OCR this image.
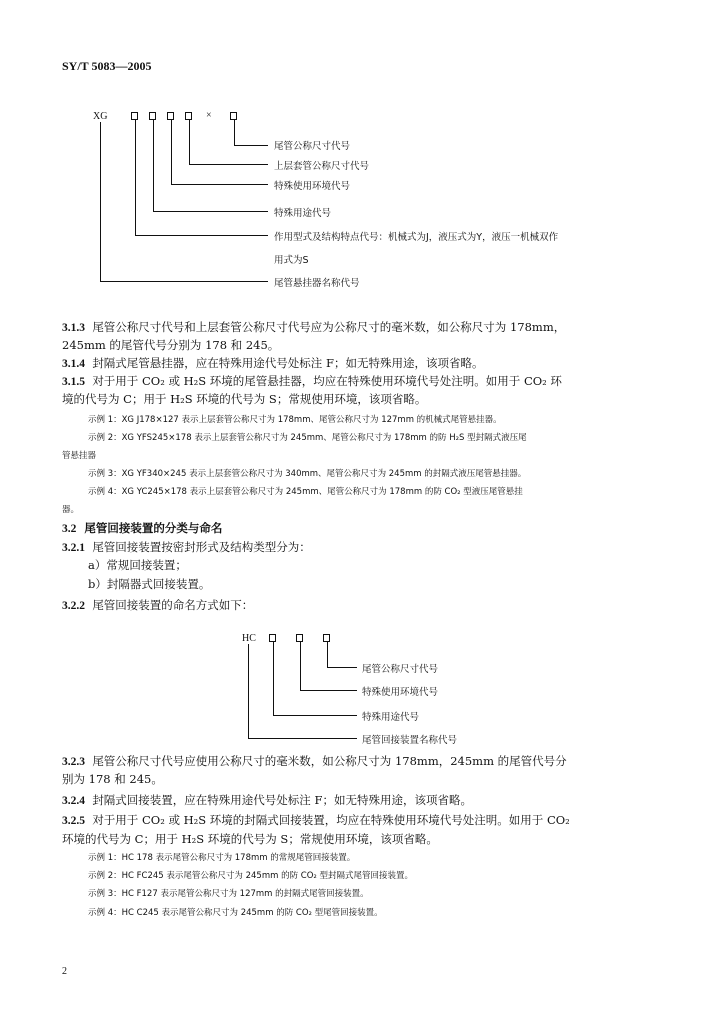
SY/T 5083—2005
XG	×
尾管公称尺寸代号
上层套管公称尺寸代号
特殊使用环境代号
特殊用途代号
作用型式及结构特点代号：机械式为J，液压式为Y，液压一机械双作
用式为S
尾管悬挂器名称代号
3.1.3 尾管公称尺寸代号和上层套管公称尺寸代号应为公称尺寸的毫米数，如公称尺寸为 178mm，
245mm 的尾管代号分别为 178 和 245。
3.1.4 封隔式尾管悬挂器，应在特殊用途代号处标注 F；如无特殊用途，该项省略。
3.1.5 对于用于 CO₂ 或 H₂S 环境的尾管悬挂器，均应在特殊使用环境代号处注明。如用于 CO₂ 环
境的代号为 C；用于 H₂S 环境的代号为 S；常规使用环境，该项省略。
示例 1：XG J178×127 表示上层套管公称尺寸为 178mm、尾管公称尺寸为 127mm 的机械式尾管悬挂器。
示例 2：XG YFS245×178 表示上层套管公称尺寸为 245mm、尾管公称尺寸为 178mm 的防 H₂S 型封隔式液压尾
管悬挂器
示例 3：XG YF340×245 表示上层套管公称尺寸为 340mm、尾管公称尺寸为 245mm 的封隔式液压尾管悬挂器。
示例 4：XG YC245×178 表示上层套管公称尺寸为 245mm、尾管公称尺寸为 178mm 的防 CO₂ 型液压尾管悬挂
器。
3.2 尾管回接装置的分类与命名
3.2.1 尾管回接装置按密封形式及结构类型分为：
a）常规回接装置；
b）封隔器式回接装置。
3.2.2 尾管回接装置的命名方式如下：
HC
尾管公称尺寸代号
特殊使用环境代号
特殊用途代号
尾管回接装置名称代号
3.2.3 尾管公称尺寸代号应使用公称尺寸的毫米数，如公称尺寸为 178mm，245mm 的尾管代号分
别为 178 和 245。
3.2.4 封隔式回接装置，应在特殊用途代号处标注 F；如无特殊用途，该项省略。
3.2.5 对于用于 CO₂ 或 H₂S 环境的封隔式回接装置，均应在特殊使用环境代号处注明。如用于 CO₂
环境的代号为 C；用于 H₂S 环境的代号为 S；常规使用环境，该项省略。
示例 1：HC 178 表示尾管公称尺寸为 178mm 的常规尾管回接装置。
示例 2：HC FC245 表示尾管公称尺寸为 245mm 的防 CO₂ 型封隔式尾管回接装置。
示例 3：HC F127 表示尾管公称尺寸为 127mm 的封隔式尾管回接装置。
示例 4：HC C245 表示尾管公称尺寸为 245mm 的防 CO₂ 型尾管回接装置。
2
